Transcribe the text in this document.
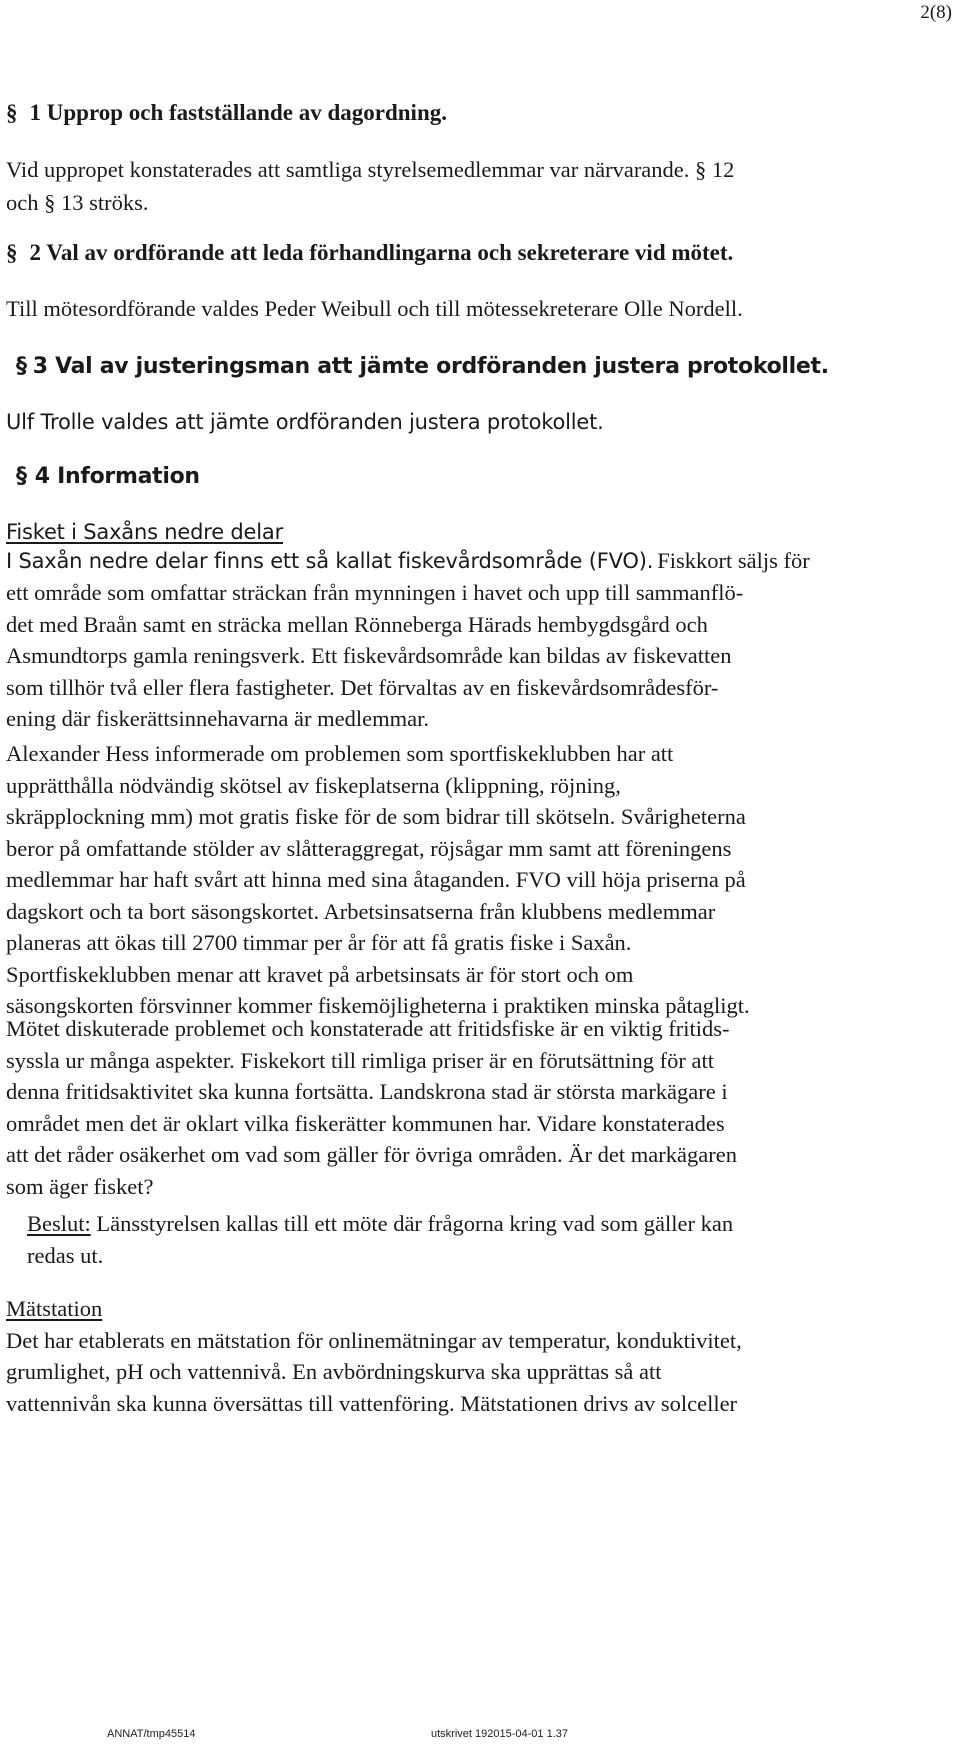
2(8)
§ 1 Upprop och fastställande av dagordning.
Vid uppropet konstaterades att samtliga styrelsemedlemmar var närvarande. § 12
och § 13 ströks.
§ 2 Val av ordförande att leda förhandlingarna och sekreterare vid mötet.
Till mötesordförande valdes Peder Weibull och till mötessekreterare Olle Nordell.
§ 3 Val av justeringsman att jämte ordföranden justera protokollet.
Ulf Trolle valdes att jämte ordföranden justera protokollet.
§ 4 Information
Fisket i Saxåns nedre delar
I Saxån nedre delar finns ett så kallat fiskevårdsområde (FVO). Fiskkort säljs för
ett område som omfattar sträckan från mynningen i havet och upp till sammanflö-
det med Braån samt en sträcka mellan Rönneberga Härads hembygdsgård och
Asmundtorps gamla reningsverk. Ett fiskevårdsområde kan bildas av fiskevatten
som tillhör två eller flera fastigheter. Det förvaltas av en fiskevårdsområdesför-
ening där fiskerättsinnehavarna är medlemmar.
Alexander Hess informerade om problemen som sportfiskeklubben har att
upprätthålla nödvändig skötsel av fiskeplatserna (klippning, röjning,
skräpplockning mm) mot gratis fiske för de som bidrar till skötseln. Svårigheterna
beror på omfattande stölder av slåtteraggregat, röjsågar mm samt att föreningens
medlemmar har haft svårt att hinna med sina åtaganden. FVO vill höja priserna på
dagskort och ta bort säsongskortet. Arbetsinsatserna från klubbens medlemmar
planeras att ökas till 2700 timmar per år för att få gratis fiske i Saxån.
Sportfiskeklubben menar att kravet på arbetsinsats är för stort och om
säsongskorten försvinner kommer fiskemöjligheterna i praktiken minska påtagligt.
Mötet diskuterade problemet och konstaterade att fritidsfiske är en viktig fritids-
syssla ur många aspekter. Fiskekort till rimliga priser är en förutsättning för att
denna fritidsaktivitet ska kunna fortsätta. Landskrona stad är största markägare i
området men det är oklart vilka fiskerätter kommunen har. Vidare konstaterades
att det råder osäkerhet om vad som gäller för övriga områden. Är det markägaren
som äger fisket?
Beslut: Länsstyrelsen kallas till ett möte där frågorna kring vad som gäller kan
redas ut.
Mätstation
Det har etablerats en mätstation för onlinemätningar av temperatur, konduktivitet,
grumlighet, pH och vattennivå. En avbördningskurva ska upprättas så att
vattennivån ska kunna översättas till vattenföring. Mätstationen drivs av solceller
ANNAT/tmp45514	utskrivet 192015-04-01 1.37
